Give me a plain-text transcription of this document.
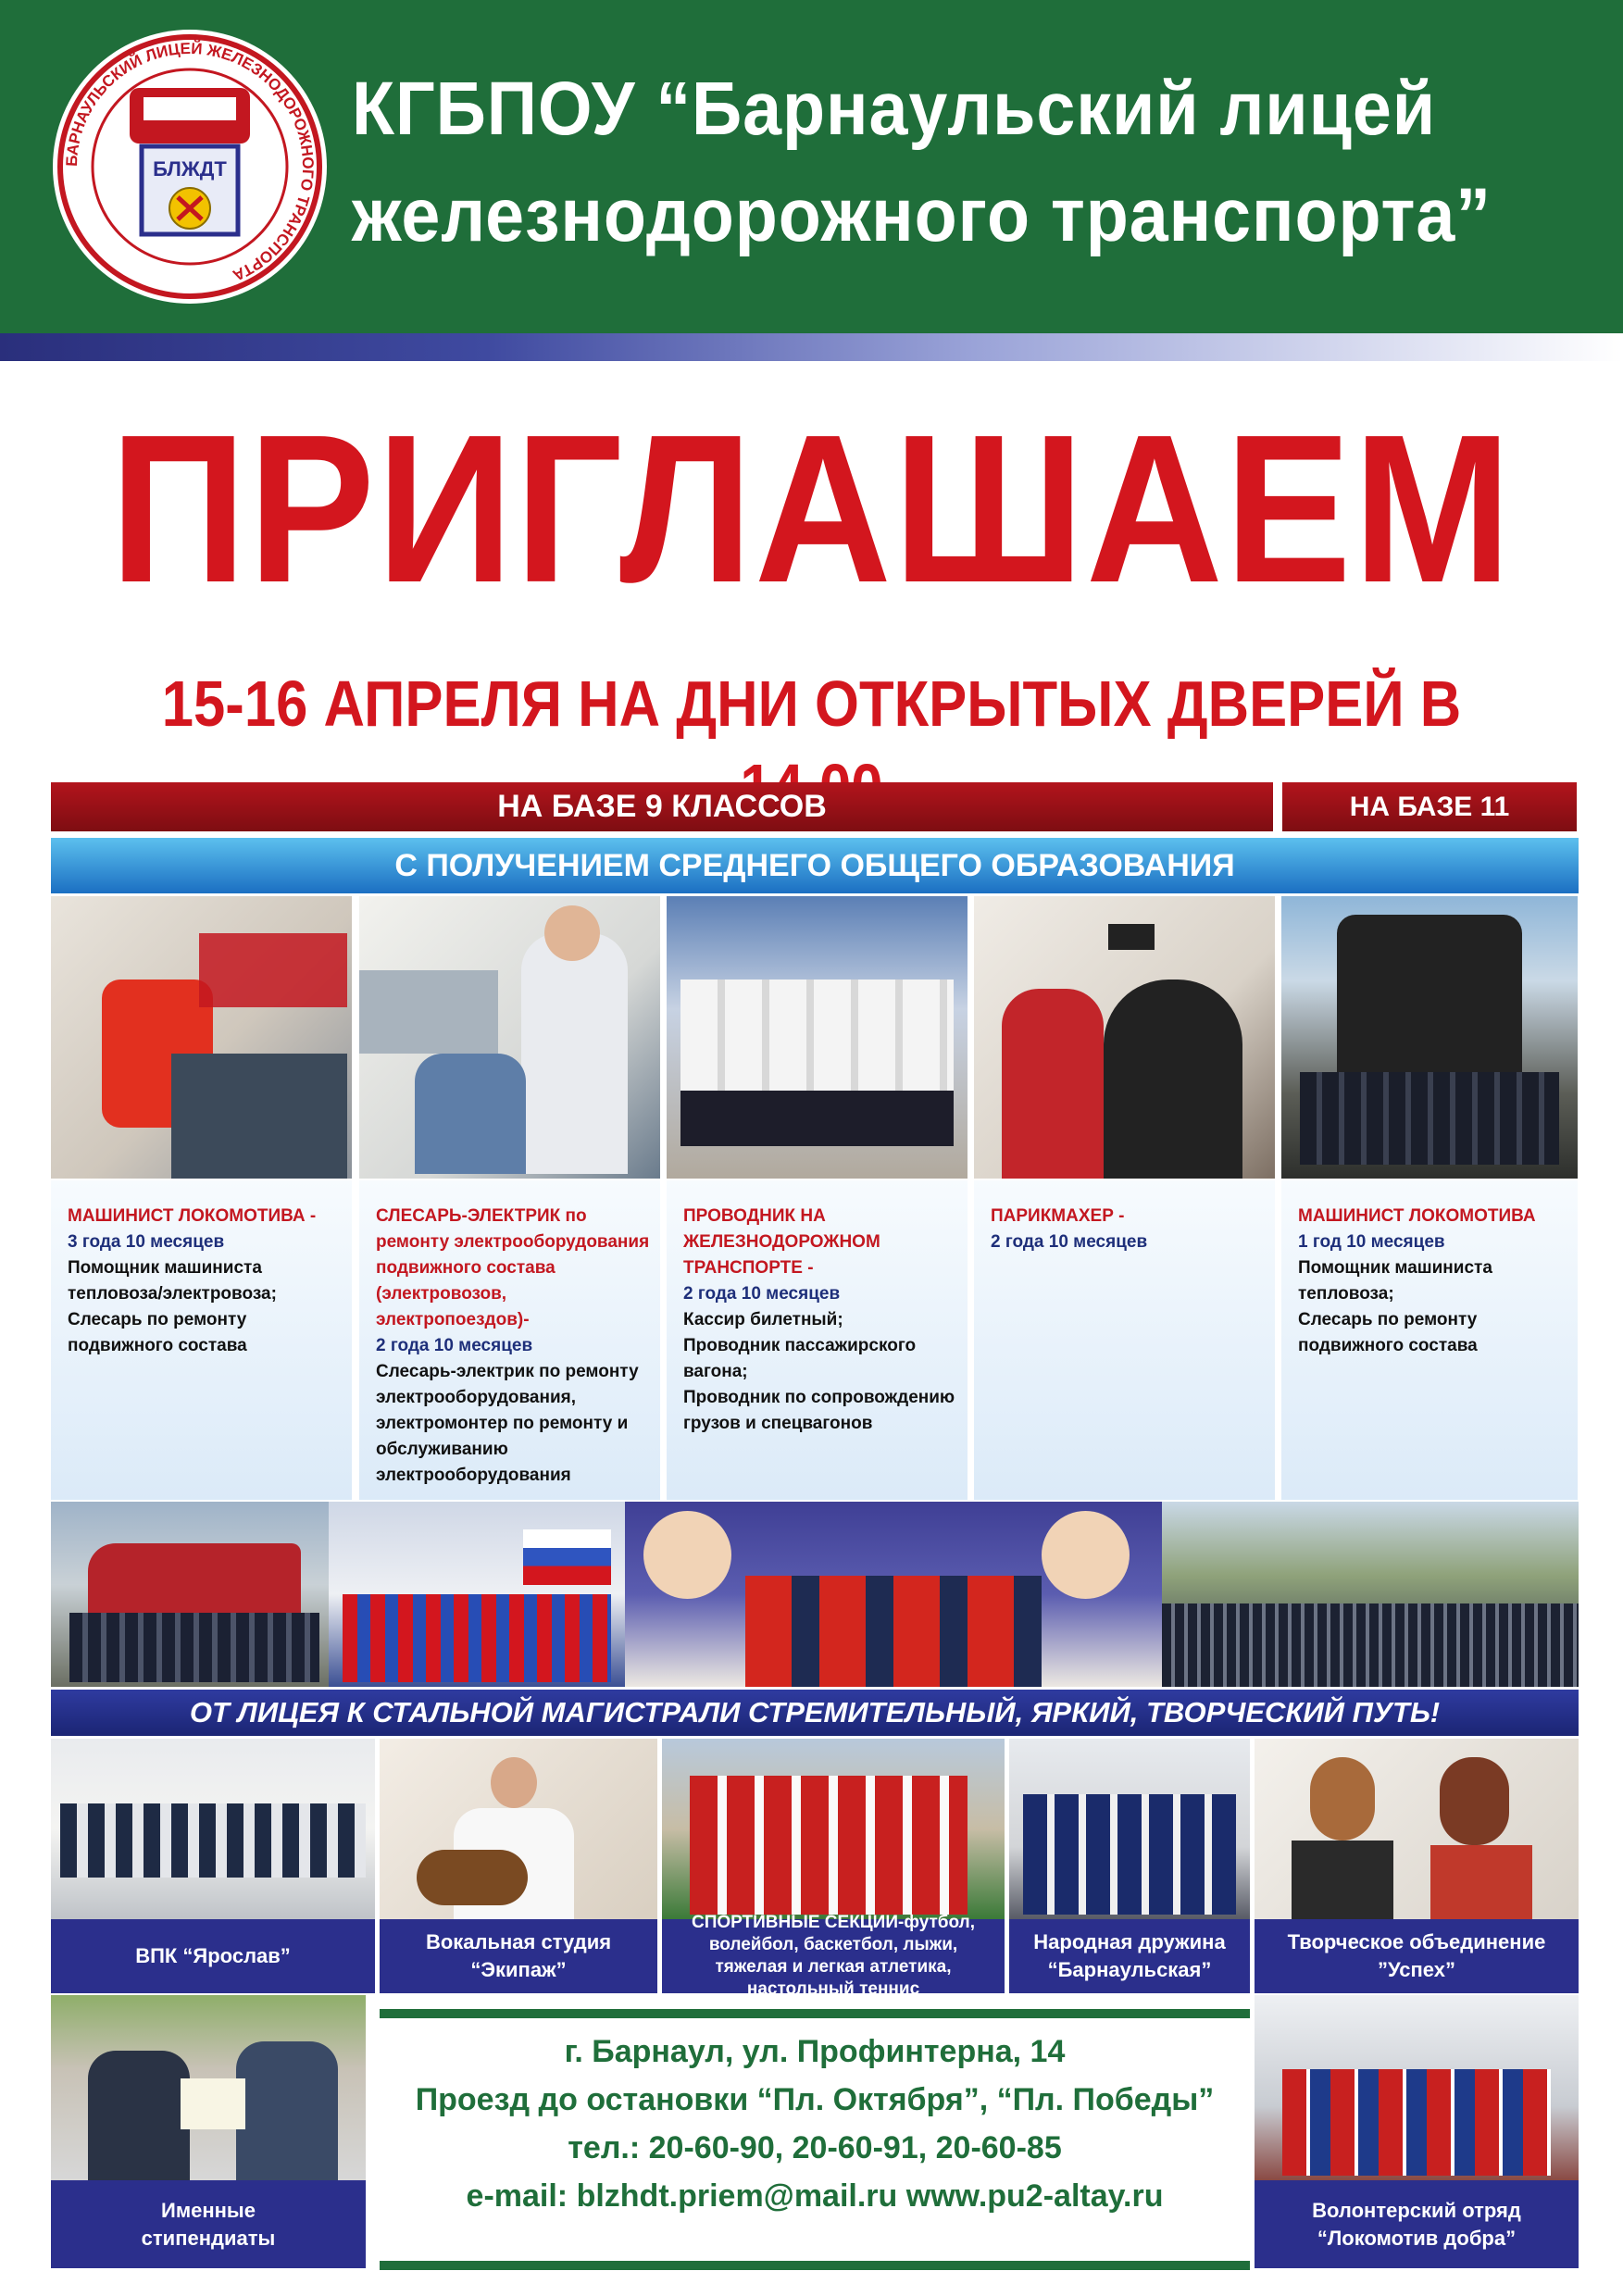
БАРНАУЛЬСКИЙ ЛИЦЕЙ ЖЕЛЕЗНОДОРОЖНОГО ТРАНСПОРТА
БЛЖДТ
КГБПОУ “Барнаульский лицей
железнодорожного транспорта”
ПРИГЛАШАЕМ
15-16 АПРЕЛЯ НА ДНИ ОТКРЫТЫХ ДВЕРЕЙ В
НА БАЗЕ 9 КЛАССОВ	НА БАЗЕ 11
С ПОЛУЧЕНИЕМ СРЕДНЕГО ОБЩЕГО ОБРАЗОВАНИЯ
МАШИНИСТ ЛОКОМОТИВА -
3 года 10 месяцев
Помощник машиниста тепловоза/электровоза;
Слесарь по ремонту подвижного состава
СЛЕСАРЬ-ЭЛЕКТРИК по ремонту электрооборудования подвижного состава (электровозов, электропоездов)-
2 года 10 месяцев
Слесарь-электрик по ремонту электрооборудования, электромонтер по ремонту и обслуживанию электрооборудования
ПРОВОДНИК НА ЖЕЛЕЗНОДОРОЖНОМ ТРАНСПОРТЕ -
2 года 10 месяцев
Кассир билетный;
Проводник пассажирского вагона;
Проводник по сопровождению грузов и спецвагонов
ПАРИКМАХЕР -
2 года 10 месяцев
МАШИНИСТ ЛОКОМОТИВА
1 год 10 месяцев
Помощник машиниста тепловоза;
Слесарь по ремонту подвижного состава
ОТ ЛИЦЕЯ К СТАЛЬНОЙ МАГИСТРАЛИ СТРЕМИТЕЛЬНЫЙ, ЯРКИЙ, ТВОРЧЕСКИЙ ПУТЬ!
ВПК “Ярослав”
Вокальная студия “Экипаж”
СПОРТИВНЫЕ СЕКЦИИ-футбол, волейбол, баскетбол, лыжи, тяжелая и легкая атлетика, настольный теннис
Народная дружина “Барнаульская”
Творческое объединение ”Успех”
Именные стипендиаты
Волонтерский отряд “Локомотив добра”
г. Барнаул, ул. Профинтерна, 14
Проезд до остановки “Пл. Октября”, “Пл. Победы”
тел.: 20-60-90, 20-60-91, 20-60-85
e-mail: blzhdt.priem@mail.ru www.pu2-altay.ru
